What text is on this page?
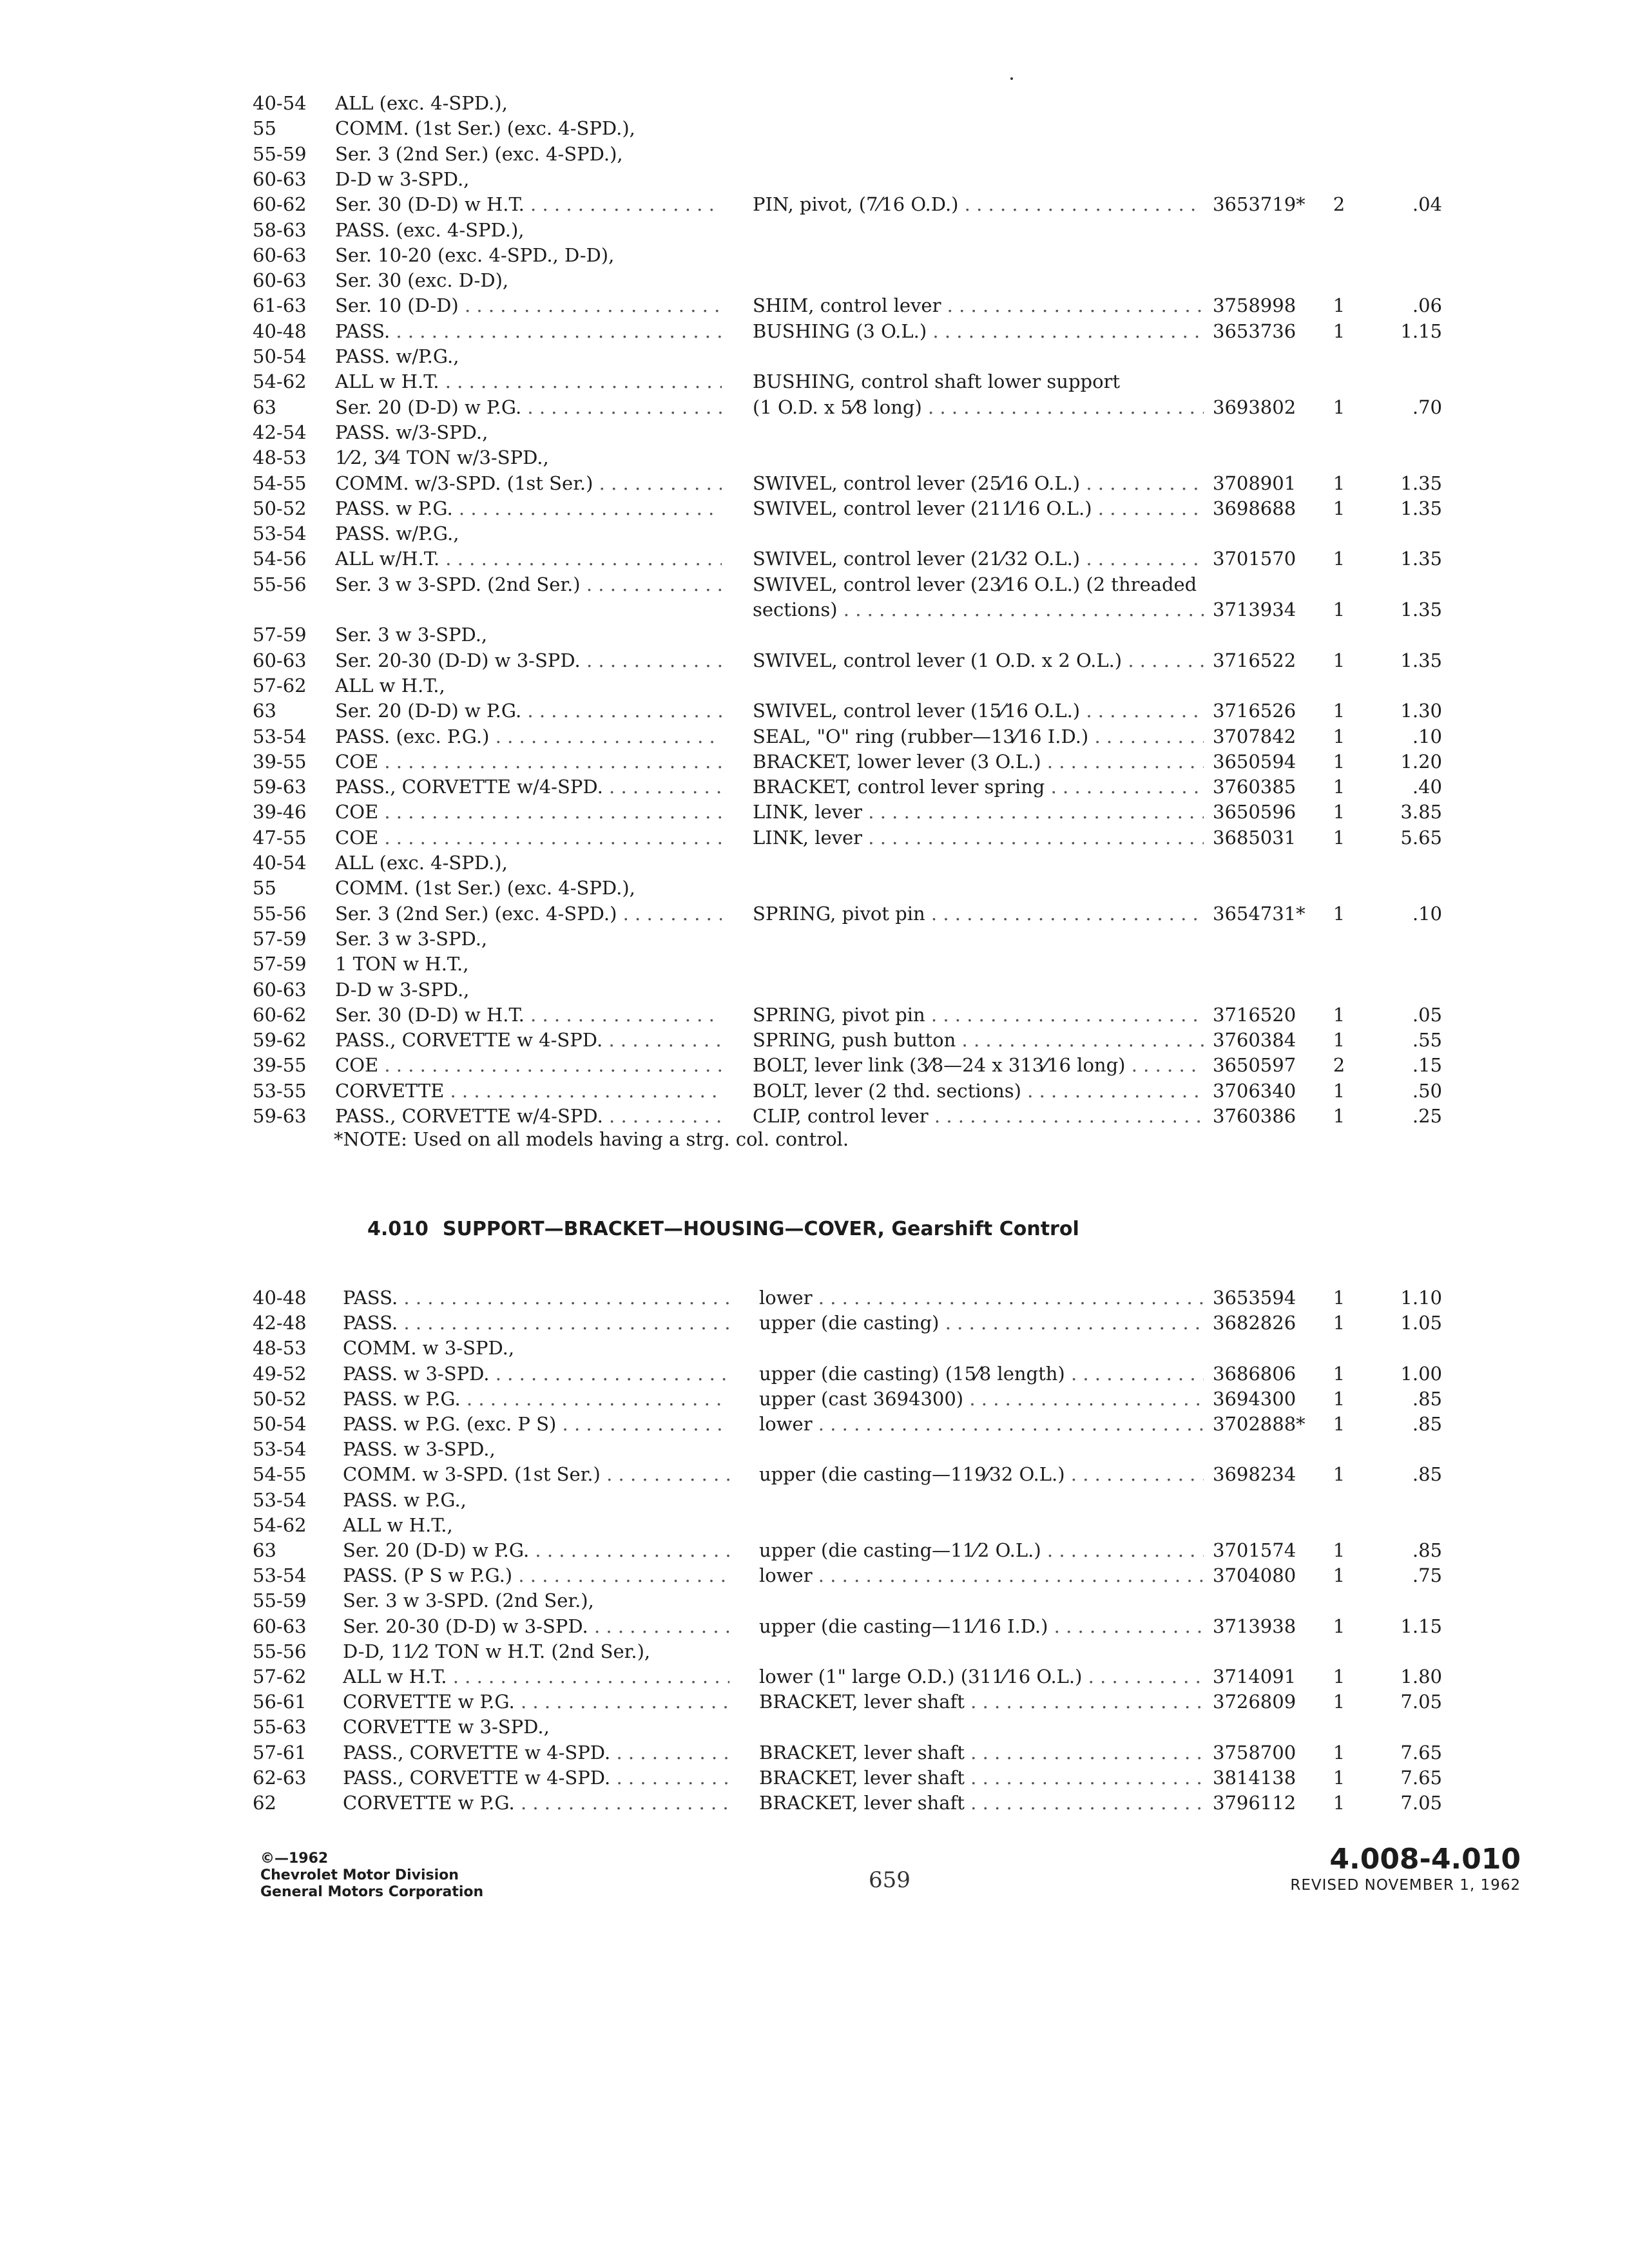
40-54 ALL (exc. 4-SPD.),
55	COMM. (1st Ser.) (exc. 4-SPD.),
55-59 Ser. 3 (2nd Ser.) (exc. 4-SPD.),
60-63 D-D w 3-SPD.,
60-62 Ser. 30 (D-D) w H.T. . . .	PIN, pivot, (7⁄16 O.D.) . . .	3653719*	2	.04
58-63 PASS. (exc. 4-SPD.),
60-63 Ser. 10-20 (exc. 4-SPD., D-D),
60-63 Ser. 30 (exc. D-D),
61-63 Ser. 10 (D-D) . . .	SHIM, control lever . . .	3758998	1	.06
40-48 PASS. . . .	BUSHING (3 O.L.) . . .	3653736	1	1.15
50-54 PASS. w/P.G.,
54-62 ALL w H.T. . . .	BUSHING, control shaft lower support
63	Ser. 20 (D-D) w P.G. . . .	(1 O.D. x 5⁄8 long) . . .	3693802	1	.70
42-54 PASS. w/3-SPD.,
48-53 1⁄2, 3⁄4 TON w/3-SPD.,
54-55 COMM. w/3-SPD. (1st Ser.) . . .	SWIVEL, control lever (25⁄16 O.L.) . . .	3708901	1	1.35
50-52 PASS. w P.G. . . .	SWIVEL, control lever (211⁄16 O.L.) . . .	3698688	1	1.35
53-54 PASS. w/P.G.,
54-56 ALL w/H.T. . . .	SWIVEL, control lever (21⁄32 O.L.) . . .	3701570	1	1.35
55-56 Ser. 3 w 3-SPD. (2nd Ser.) . . .	SWIVEL, control lever (23⁄16 O.L.) (2 threaded
sections) . . .	3713934	1	1.35
57-59 Ser. 3 w 3-SPD.,
60-63 Ser. 20-30 (D-D) w 3-SPD. . . .	SWIVEL, control lever (1 O.D. x 2 O.L.) . . .	3716522	1	1.35
57-62 ALL w H.T.,
63	Ser. 20 (D-D) w P.G. . . .	SWIVEL, control lever (15⁄16 O.L.) . . .	3716526	1	1.30
53-54 PASS. (exc. P.G.) . . .	SEAL, "O" ring (rubber—13⁄16 I.D.) . . .	3707842	1	.10
39-55 COE . . .	BRACKET, lower lever (3 O.L.) . . .	3650594	1	1.20
59-63 PASS., CORVETTE w/4-SPD. . . .	BRACKET, control lever spring . . .	3760385	1	.40
39-46 COE . . .	LINK, lever . . .	3650596	1	3.85
47-55 COE . . .	LINK, lever . . .	3685031	1	5.65
40-54 ALL (exc. 4-SPD.),
55	COMM. (1st Ser.) (exc. 4-SPD.),
55-56 Ser. 3 (2nd Ser.) (exc. 4-SPD.) . . .	SPRING, pivot pin . . .	3654731*	1	.10
57-59 Ser. 3 w 3-SPD.,
57-59 1 TON w H.T.,
60-63 D-D w 3-SPD.,
60-62 Ser. 30 (D-D) w H.T. . . .	SPRING, pivot pin . . .	3716520	1	.05
59-62 PASS., CORVETTE w 4-SPD. . . .	SPRING, push button . . .	3760384	1	.55
39-55 COE . . .	BOLT, lever link (3⁄8—24 x 313⁄16 long) . . .	3650597	2	.15
53-55 CORVETTE . . .	BOLT, lever (2 thd. sections) . . .	3706340	1	.50
59-63 PASS., CORVETTE w/4-SPD. . . .	CLIP, control lever . . .	3760386	1	.25
*NOTE: Used on all models having a strg. col. control.
4.010 SUPPORT—BRACKET—HOUSING—COVER, Gearshift Control
40-48 PASS. . . .	lower . . .	3653594	1	1.10
42-48 PASS. . . .	upper (die casting) . . .	3682826	1	1.05
48-53 COMM. w 3-SPD.,
49-52 PASS. w 3-SPD. . . .	upper (die casting) (15⁄8 length) . . .	3686806	1	1.00
50-52 PASS. w P.G. . . .	upper (cast 3694300) . . .	3694300	1	.85
50-54 PASS. w P.G. (exc. P S) . . .	lower . . .	3702888*	1	.85
53-54 PASS. w 3-SPD.,
54-55 COMM. w 3-SPD. (1st Ser.) . . .	upper (die casting—119⁄32 O.L.) . . .	3698234	1	.85
53-54 PASS. w P.G.,
54-62 ALL w H.T.,
63	Ser. 20 (D-D) w P.G. . . .	upper (die casting—11⁄2 O.L.) . . .	3701574	1	.85
53-54 PASS. (P S w P.G.) . . .	lower . . .	3704080	1	.75
55-59 Ser. 3 w 3-SPD. (2nd Ser.),
60-63 Ser. 20-30 (D-D) w 3-SPD. . . .	upper (die casting—11⁄16 I.D.) . . .	3713938	1	1.15
55-56 D-D, 11⁄2 TON w H.T. (2nd Ser.),
57-62 ALL w H.T. . . .	lower (1" large O.D.) (311⁄16 O.L.) . . .	3714091	1	1.80
56-61 CORVETTE w P.G. . . .	BRACKET, lever shaft . . .	3726809	1	7.05
55-63 CORVETTE w 3-SPD.,
57-61 PASS., CORVETTE w 4-SPD. . . .	BRACKET, lever shaft . . .	3758700	1	7.65
62-63 PASS., CORVETTE w 4-SPD. . . .	BRACKET, lever shaft . . .	3814138	1	7.65
62	CORVETTE w P.G. . . .	BRACKET, lever shaft . . .	3796112	1	7.05
©—1962
Chevrolet Motor Division
General Motors Corporation	659
4.008-4.010
REVISED NOVEMBER 1, 1962
